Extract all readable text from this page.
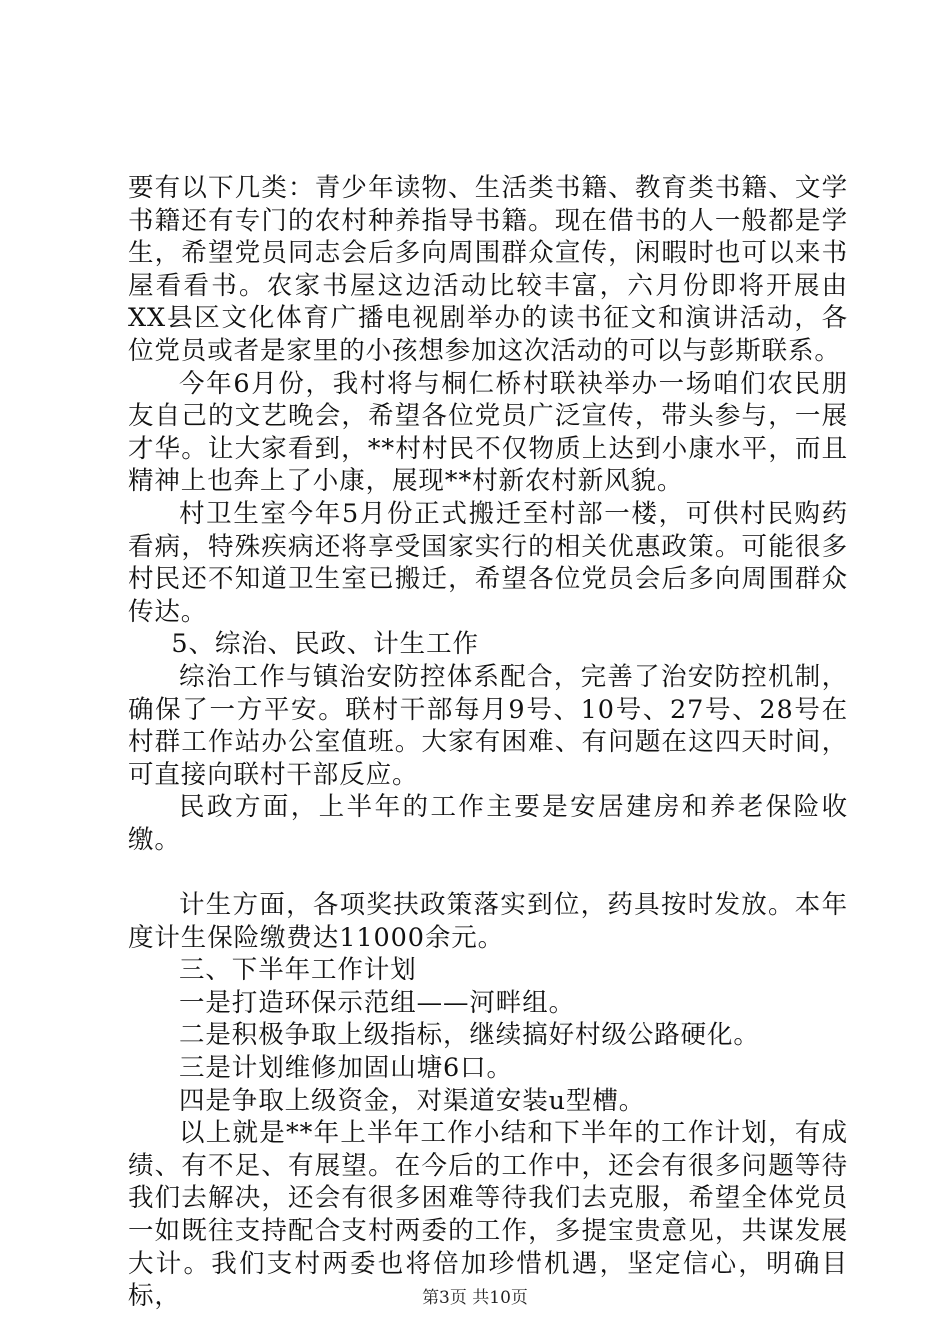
要有以下几类：青少年读物、生活类书籍、教育类书籍、文学书籍还有专门的农村种养指导书籍。现在借书的人一般都是学生，希望党员同志会后多向周围群众宣传，闲暇时也可以来书屋看看书。农家书屋这边活动比较丰富，六月份即将开展由XX县区文化体育广播电视剧举办的读书征文和演讲活动，各位党员或者是家里的小孩想参加这次活动的可以与彭斯联系。

今年6月份，我村将与桐仁桥村联袂举办一场咱们农民朋友自己的文艺晚会，希望各位党员广泛宣传，带头参与，一展才华。让大家看到，**村村民不仅物质上达到小康水平，而且精神上也奔上了小康，展现**村新农村新风貌。

村卫生室今年5月份正式搬迁至村部一楼，可供村民购药看病，特殊疾病还将享受国家实行的相关优惠政策。可能很多村民还不知道卫生室已搬迁，希望各位党员会后多向周围群众传达。

5、综治、民政、计生工作

综治工作与镇治安防控体系配合，完善了治安防控机制，确保了一方平安。联村干部每月9号、10号、27号、28号在村群工作站办公室值班。大家有困难、有问题在这四天时间，可直接向联村干部反应。

民政方面，上半年的工作主要是安居建房和养老保险收缴。

计生方面，各项奖扶政策落实到位，药具按时发放。本年度计生保险缴费达11000余元。

三、下半年工作计划

一是打造环保示范组——河畔组。

二是积极争取上级指标，继续搞好村级公路硬化。

三是计划维修加固山塘6口。

四是争取上级资金，对渠道安装u型槽。

以上就是**年上半年工作小结和下半年的工作计划，有成绩、有不足、有展望。在今后的工作中，还会有很多问题等待我们去解决，还会有很多困难等待我们去克服，希望全体党员一如既往支持配合支村两委的工作，多提宝贵意见，共谋发展大计。我们支村两委也将倍加珍惜机遇，坚定信心，明确目标，	第3页 共10页
